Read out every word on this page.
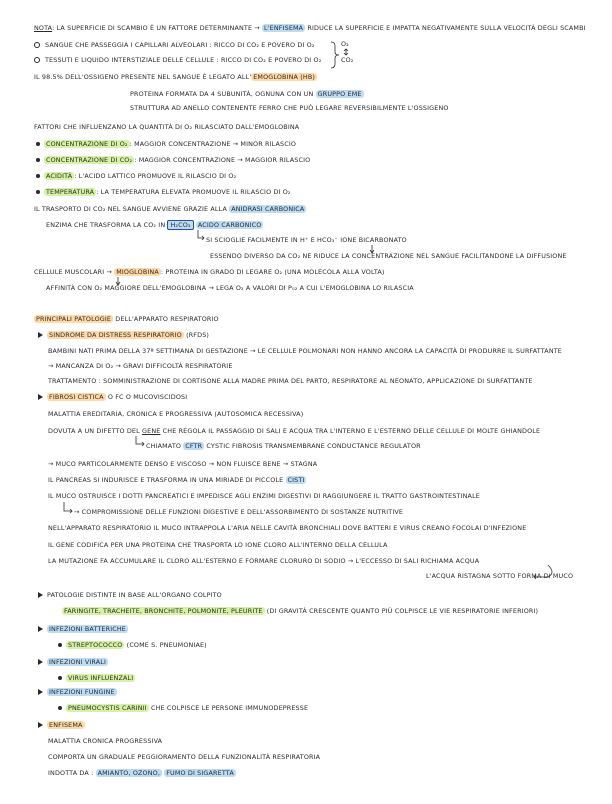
NOTA: LA SUPERFICIE DI SCAMBIO È UN FATTORE DETERMINANTE → L'ENFISEMA RIDUCE LA SUPERFICIE E IMPATTA NEGATIVAMENTE SULLA VELOCITÀ DEGLI SCAMBI
SANGUE CHE PASSEGGIA I CAPILLARI ALVEOLARI : RICCO DI CO₂ E POVERO DI O₂
TESSUTI E LIQUIDO INTERSTIZIALE DELLE CELLULE : RICCO DI CO₂ E POVERO DI O₂
O₂
CO₂
IL 98.5% DELL'OSSIGENO PRESENTE NEL SANGUE È LEGATO ALL' EMOGLOBINA (HB)
PROTEINA FORMATA DA 4 SUBUNITÀ, OGNUNA CON UN GRUPPO EME
STRUTTURA AD ANELLO CONTENENTE FERRO CHE PUÒ LEGARE REVERSIBILMENTE L'OSSIGENO
FATTORI CHE INFLUENZANO LA QUANTITÀ DI O₂ RILASCIATO DALL'EMOGLOBINA
CONCENTRAZIONE DI O₂ : MAGGIOR CONCENTRAZIONE → MINOR RILASCIO
CONCENTRAZIONE DI CO₂ : MAGGIOR CONCENTRAZIONE → MAGGIOR RILASCIO
ACIDITÀ : L'ACIDO LATTICO PROMUOVE IL RILASCIO DI O₂
TEMPERATURA : LA TEMPERATURA ELEVATA PROMUOVE IL RILASCIO DI O₂
IL TRASPORTO DI CO₂ NEL SANGUE AVVIENE GRAZIE ALLA ANIDRASI CARBONICA
ENZIMA CHE TRASFORMA LA CO₂ IN H₂CO₃ ACIDO CARBONICO
SI SCIOGLIE FACILMENTE IN H⁺ E HCO₃⁻ IONE BICARBONATO
ESSENDO DIVERSO DA CO₂ NE RIDUCE LA CONCENTRAZIONE NEL SANGUE FACILITANDONE LA DIFFUSIONE
CELLULE MUSCOLARI → MIOGLOBINA : PROTEINA IN GRADO DI LEGARE O₂ (UNA MOLECOLA ALLA VOLTA)
AFFINITÀ CON O₂ MAGGIORE DELL'EMOGLOBINA → LEGA O₂ A VALORI DI P₀₂ A CUI L'EMOGLOBINA LO RILASCIA
PRINCIPALI PATOLOGIE DELL'APPARATO RESPIRATORIO
SINDROME DA DISTRESS RESPIRATORIO (RFDS)
BAMBINI NATI PRIMA DELLA 37ª SETTIMANA DI GESTAZIONE → LE CELLULE POLMONARI NON HANNO ANCORA LA CAPACITÀ DI PRODURRE IL SURFATTANTE
→ MANCANZA DI O₂ → GRAVI DIFFICOLTÀ RESPIRATORIE
TRATTAMENTO : SOMMINISTRAZIONE DI CORTISONE ALLA MADRE PRIMA DEL PARTO, RESPIRATORE AL NEONATO, APPLICAZIONE DI SURFATTANTE
FIBROSI CISTICA O FC O MUCOVISCIDOSI
MALATTIA EREDITARIA, CRONICA E PROGRESSIVA (AUTOSOMICA RECESSIVA)
DOVUTA A UN DIFETTO DEL GENE CHE REGOLA IL PASSAGGIO DI SALI E ACQUA TRA L'INTERNO E L'ESTERNO DELLE CELLULE DI MOLTE GHIANDOLE
CHIAMATO CFTR CYSTIC FIBROSIS TRANSMEMBRANE CONDUCTANCE REGULATOR
→ MUCO PARTICOLARMENTE DENSO E VISCOSO → NON FLUISCE BENE → STAGNA
IL PANCREAS SI INDURISCE E TRASFORMA IN UNA MIRIADE DI PICCOLE CISTI
IL MUCO OSTRUISCE I DOTTI PANCREATICI E IMPEDISCE AGLI ENZIMI DIGESTIVI DI RAGGIUNGERE IL TRATTO GASTROINTESTINALE
→ COMPROMISSIONE DELLE FUNZIONI DIGESTIVE E DELL'ASSORBIMENTO DI SOSTANZE NUTRITIVE
NELL'APPARATO RESPIRATORIO IL MUCO INTRAPPOLA L'ARIA NELLE CAVITÀ BRONCHIALI DOVE BATTERI E VIRUS CREANO FOCOLAI D'INFEZIONE
IL GENE CODIFICA PER UNA PROTEINA CHE TRASPORTA LO IONE CLORO ALL'INTERNO DELLA CELLULA
LA MUTAZIONE FA ACCUMULARE IL CLORO ALL'ESTERNO E FORMARE CLORURO DI SODIO → L'ECCESSO DI SALI RICHIAMA ACQUA
L'ACQUA RISTAGNA SOTTO FORMA DI MUCO
PATOLOGIE DISTINTE IN BASE ALL'ORGANO COLPITO
FARINGITE, TRACHEITE, BRONCHITE, POLMONITE, PLEURITE (DI GRAVITÀ CRESCENTE QUANTO PIÙ COLPISCE LE VIE RESPIRATORIE INFERIORI)
INFEZIONI BATTERICHE
STREPTOCOCCO (COME S. PNEUMONIAE)
INFEZIONI VIRALI
VIRUS INFLUENZALI
INFEZIONI FUNGINE
PNEUMOCYSTIS CARINII CHE COLPISCE LE PERSONE IMMUNODEPRESSE
ENFISEMA
MALATTIA CRONICA PROGRESSIVA
COMPORTA UN GRADUALE PEGGIORAMENTO DELLA FUNZIONALITÀ RESPIRATORIA
INDOTTA DA : AMIANTO, OZONO, FUMO DI SIGARETTA
